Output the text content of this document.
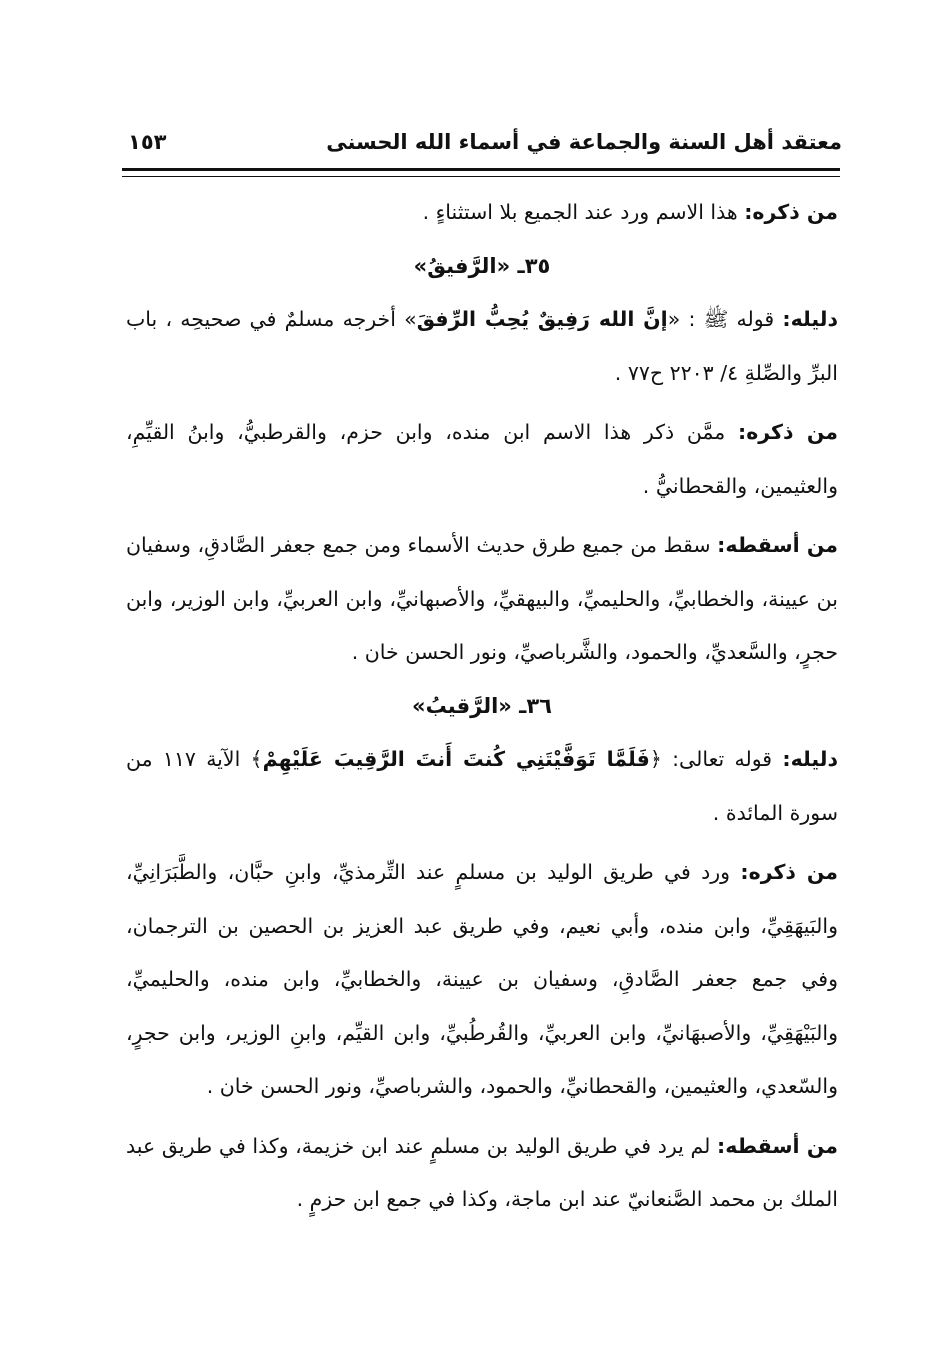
معتقد أهل السنة والجماعة في أسماء الله الحسنى
١٥٣

من ذكره: هذا الاسم ورد عند الجميع بلا استثناءٍ .

٣٥ـ «الرَّفيقُ»

دليله: قوله ﷺ : «إنَّ الله رَفِيقٌ يُحِبُّ الرِّفقَ» أخرجه مسلمٌ في صحيحِه ، باب البرِّ والصِّلةِ ٤/ ٢٢٠٣ ح٧٧ .

من ذكره: ممَّن ذكر هذا الاسم ابن منده، وابن حزم، والقرطبيُّ، وابنُ القيِّمِ، والعثيمين، والقحطانيُّ .

من أسقطه: سقط من جميع طرق حديث الأسماء ومن جمع جعفر الصَّادقِ، وسفيان بن عيينة، والخطابيِّ، والحليميِّ، والبيهقيِّ، والأصبهانيِّ، وابن العربيِّ، وابن الوزير، وابن حجرٍ، والسَّعديِّ، والحمود، والشَّرباصيِّ، ونور الحسن خان .

٣٦ـ «الرَّقيبُ»

دليله: قوله تعالى: ﴿فَلَمَّا تَوَفَّيْتَنِي كُنتَ أَنتَ الرَّقِيبَ عَلَيْهِمْ﴾ الآية ١١٧ من سورة المائدة .

من ذكره: ورد في طريق الوليد بن مسلمٍ عند التِّرمذيِّ، وابنِ حبَّان، والطَّبَرَانِيِّ، والبَيهَقِيِّ، وابن منده، وأبي نعيم، وفي طريق عبد العزيز بن الحصين بن الترجمان، وفي جمع جعفر الصَّادقِ، وسفيان بن عيينة، والخطابيِّ، وابن منده، والحليميِّ، والبَيْهَقِيِّ، والأصبهَانيِّ، وابن العربيِّ، والقُرطُبيِّ، وابن القيِّم، وابنِ الوزير، وابن حجرٍ، والسّعدي، والعثيمين، والقحطانيِّ، والحمود، والشرباصيِّ، ونور الحسن خان .

من أسقطه: لم يرد في طريق الوليد بن مسلمٍ عند ابن خزيمة، وكذا في طريق عبد الملك بن محمد الصَّنعانيّ عند ابن ماجة، وكذا في جمع ابن حزمٍ .
